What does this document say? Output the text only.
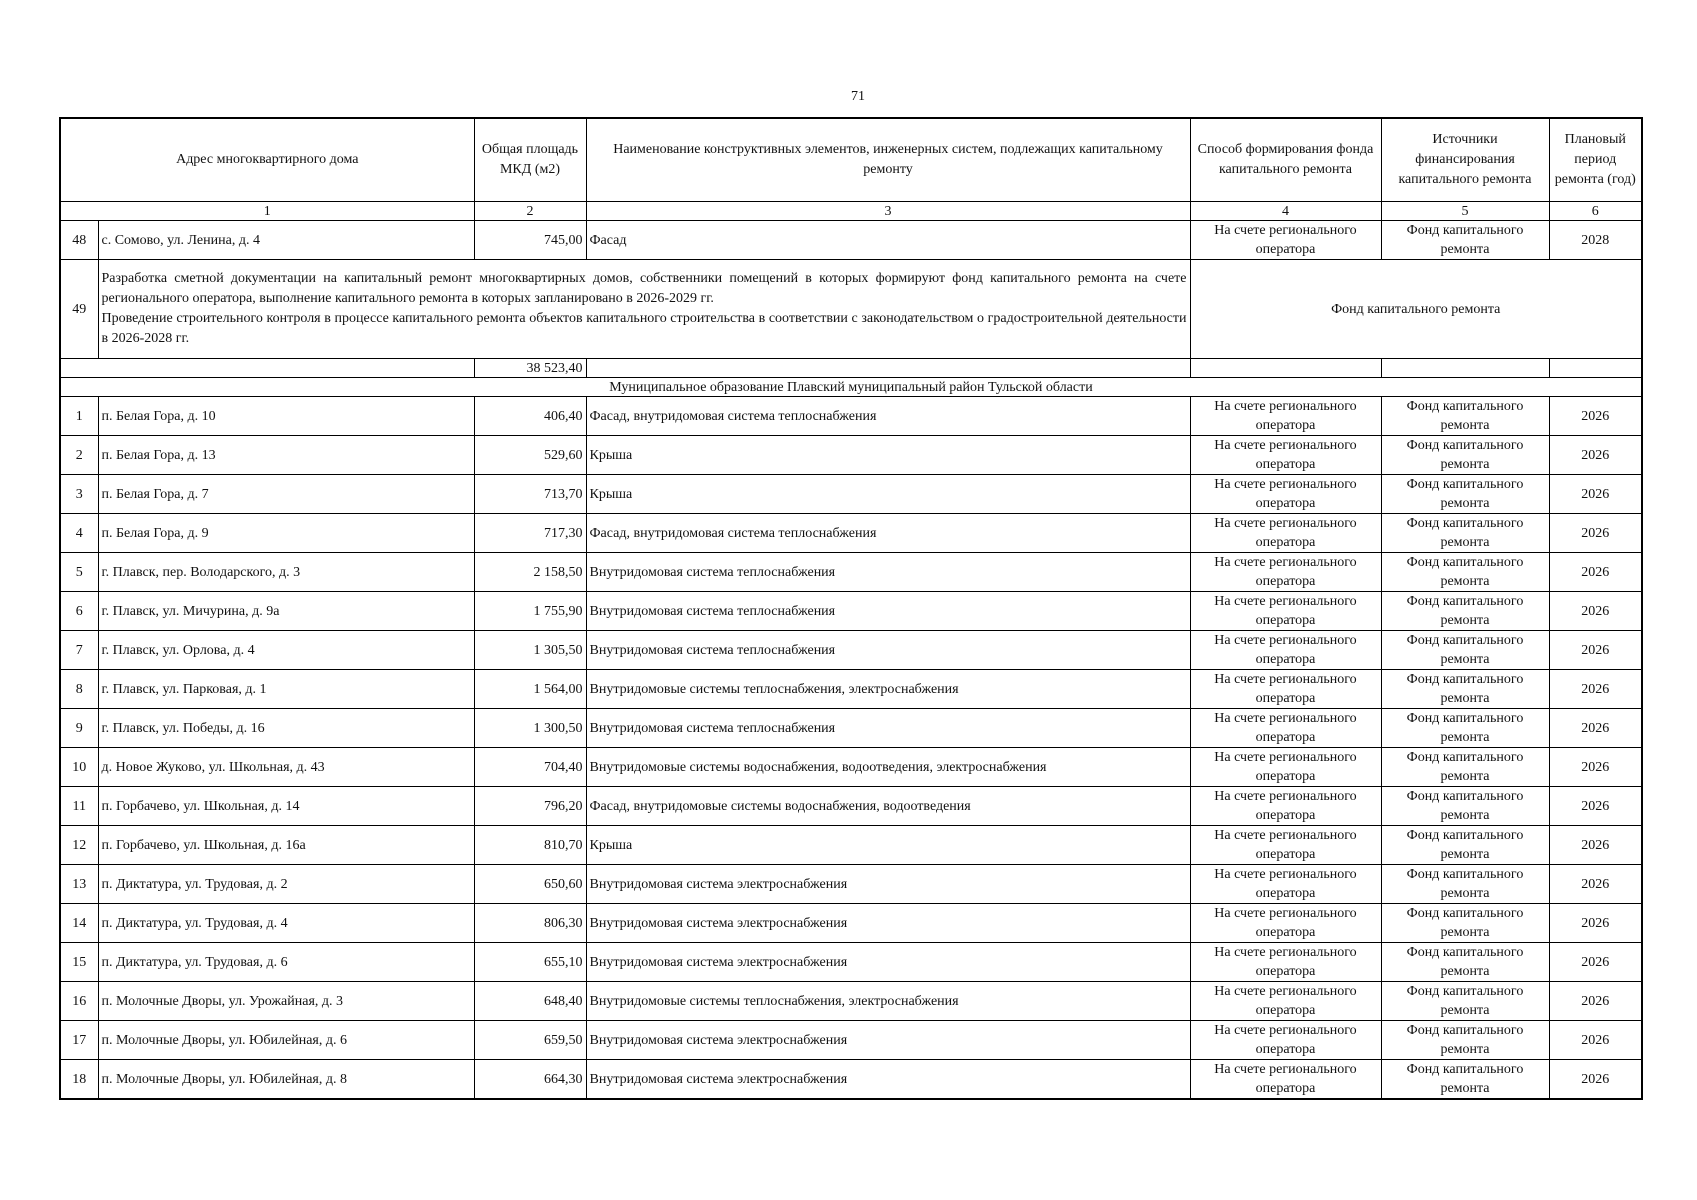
71
Адрес многоквартирного дома		Общая площадь МКД (м2)	Наименование конструктивных элементов, инженерных систем, подлежащих капитальному ремонту	Способ формирования фонда капитального ремонта	Источники финансирования капитального ремонта	Плановый период ремонта (год)
1		2	3	4	5	6
48	с. Сомово, ул. Ленина, д. 4	745,00	Фасад	На счете регионального оператора	Фонд капитального ремонта	2028
49	Разработка сметной документации на капитальный ремонт многоквартирных домов, собственники помещений в которых формируют фонд капитального ремонта на счете регионального оператора, выполнение капитального ремонта в которых запланировано в 2026-2029 гг.
Проведение строительного контроля в процессе капитального ремонта объектов капитального строительства в соответствии с законодательством о градостроительной деятельности в 2026-2028 гг.			Фонд капитального ремонта		
		38 523,40				
Муниципальное образование Плавский муниципальный район Тульской области						
1	п. Белая Гора, д. 10	406,40	Фасад, внутридомовая система теплоснабжения	На счете регионального оператора	Фонд капитального ремонта	2026
2	п. Белая Гора, д. 13	529,60	Крыша	На счете регионального оператора	Фонд капитального ремонта	2026
3	п. Белая Гора, д. 7	713,70	Крыша	На счете регионального оператора	Фонд капитального ремонта	2026
4	п. Белая Гора, д. 9	717,30	Фасад, внутридомовая система теплоснабжения	На счете регионального оператора	Фонд капитального ремонта	2026
5	г. Плавск, пер. Володарского, д. 3	2 158,50	Внутридомовая система теплоснабжения	На счете регионального оператора	Фонд капитального ремонта	2026
6	г. Плавск, ул. Мичурина, д. 9а	1 755,90	Внутридомовая система теплоснабжения	На счете регионального оператора	Фонд капитального ремонта	2026
7	г. Плавск, ул. Орлова, д. 4	1 305,50	Внутридомовая система теплоснабжения	На счете регионального оператора	Фонд капитального ремонта	2026
8	г. Плавск, ул. Парковая, д. 1	1 564,00	Внутридомовые системы теплоснабжения, электроснабжения	На счете регионального оператора	Фонд капитального ремонта	2026
9	г. Плавск, ул. Победы, д. 16	1 300,50	Внутридомовая система теплоснабжения	На счете регионального оператора	Фонд капитального ремонта	2026
10	д. Новое Жуково, ул. Школьная, д. 43	704,40	Внутридомовые системы водоснабжения, водоотведения, электроснабжения	На счете регионального оператора	Фонд капитального ремонта	2026
11	п. Горбачево, ул. Школьная, д. 14	796,20	Фасад, внутридомовые системы водоснабжения, водоотведения	На счете регионального оператора	Фонд капитального ремонта	2026
12	п. Горбачево, ул. Школьная, д. 16а	810,70	Крыша	На счете регионального оператора	Фонд капитального ремонта	2026
13	п. Диктатура, ул. Трудовая, д. 2	650,60	Внутридомовая система электроснабжения	На счете регионального оператора	Фонд капитального ремонта	2026
14	п. Диктатура, ул. Трудовая, д. 4	806,30	Внутридомовая система электроснабжения	На счете регионального оператора	Фонд капитального ремонта	2026
15	п. Диктатура, ул. Трудовая, д. 6	655,10	Внутридомовая система электроснабжения	На счете регионального оператора	Фонд капитального ремонта	2026
16	п. Молочные Дворы, ул. Урожайная, д. 3	648,40	Внутридомовые системы теплоснабжения, электроснабжения	На счете регионального оператора	Фонд капитального ремонта	2026
17	п. Молочные Дворы, ул. Юбилейная, д. 6	659,50	Внутридомовая система электроснабжения	На счете регионального оператора	Фонд капитального ремонта	2026
18	п. Молочные Дворы, ул. Юбилейная, д. 8	664,30	Внутридомовая система электроснабжения	На счете регионального оператора	Фонд капитального ремонта	2026
